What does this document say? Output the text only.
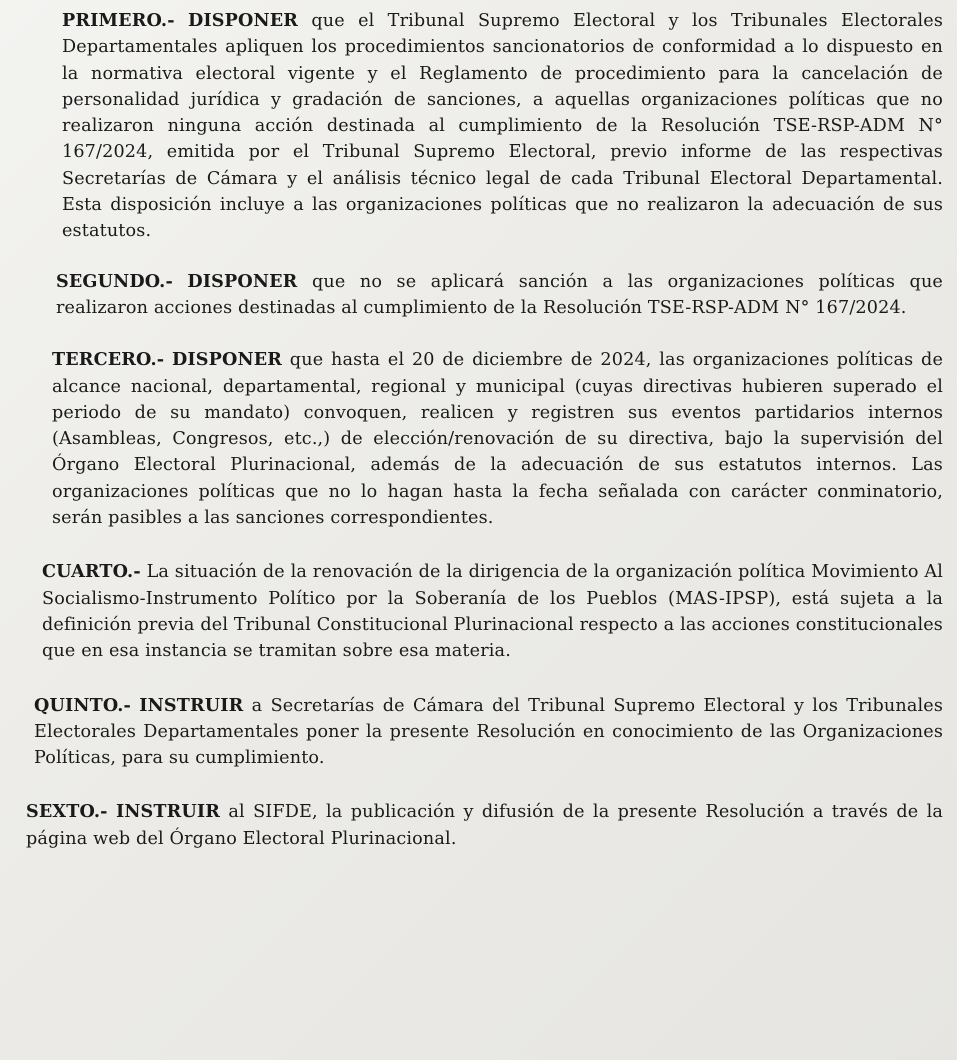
PRIMERO.- DISPONER que el Tribunal Supremo Electoral y los Tribunales Electorales Departamentales apliquen los procedimientos sancionatorios de conformidad a lo dispuesto en la normativa electoral vigente y el Reglamento de procedimiento para la cancelación de personalidad jurídica y gradación de sanciones, a aquellas organizaciones políticas que no realizaron ninguna acción destinada al cumplimiento de la Resolución TSE-RSP-ADM N° 167/2024, emitida por el Tribunal Supremo Electoral, previo informe de las respectivas Secretarías de Cámara y el análisis técnico legal de cada Tribunal Electoral Departamental. Esta disposición incluye a las organizaciones políticas que no realizaron la adecuación de sus estatutos.

SEGUNDO.- DISPONER que no se aplicará sanción a las organizaciones políticas que realizaron acciones destinadas al cumplimiento de la Resolución TSE-RSP-ADM N° 167/2024.

TERCERO.- DISPONER que hasta el 20 de diciembre de 2024, las organizaciones políticas de alcance nacional, departamental, regional y municipal (cuyas directivas hubieren superado el periodo de su mandato) convoquen, realicen y registren sus eventos partidarios internos (Asambleas, Congresos, etc.,) de elección/renovación de su directiva, bajo la supervisión del Órgano Electoral Plurinacional, además de la adecuación de sus estatutos internos. Las organizaciones políticas que no lo hagan hasta la fecha señalada con carácter conminatorio, serán pasibles a las sanciones correspondientes.

CUARTO.- La situación de la renovación de la dirigencia de la organización política Movimiento Al Socialismo-Instrumento Político por la Soberanía de los Pueblos (MAS-IPSP), está sujeta a la definición previa del Tribunal Constitucional Plurinacional respecto a las acciones constitucionales que en esa instancia se tramitan sobre esa materia.

QUINTO.- INSTRUIR a Secretarías de Cámara del Tribunal Supremo Electoral y los Tribunales Electorales Departamentales poner la presente Resolución en conocimiento de las Organizaciones Políticas, para su cumplimiento.

SEXTO.- INSTRUIR al SIFDE, la publicación y difusión de la presente Resolución a través de la página web del Órgano Electoral Plurinacional.
